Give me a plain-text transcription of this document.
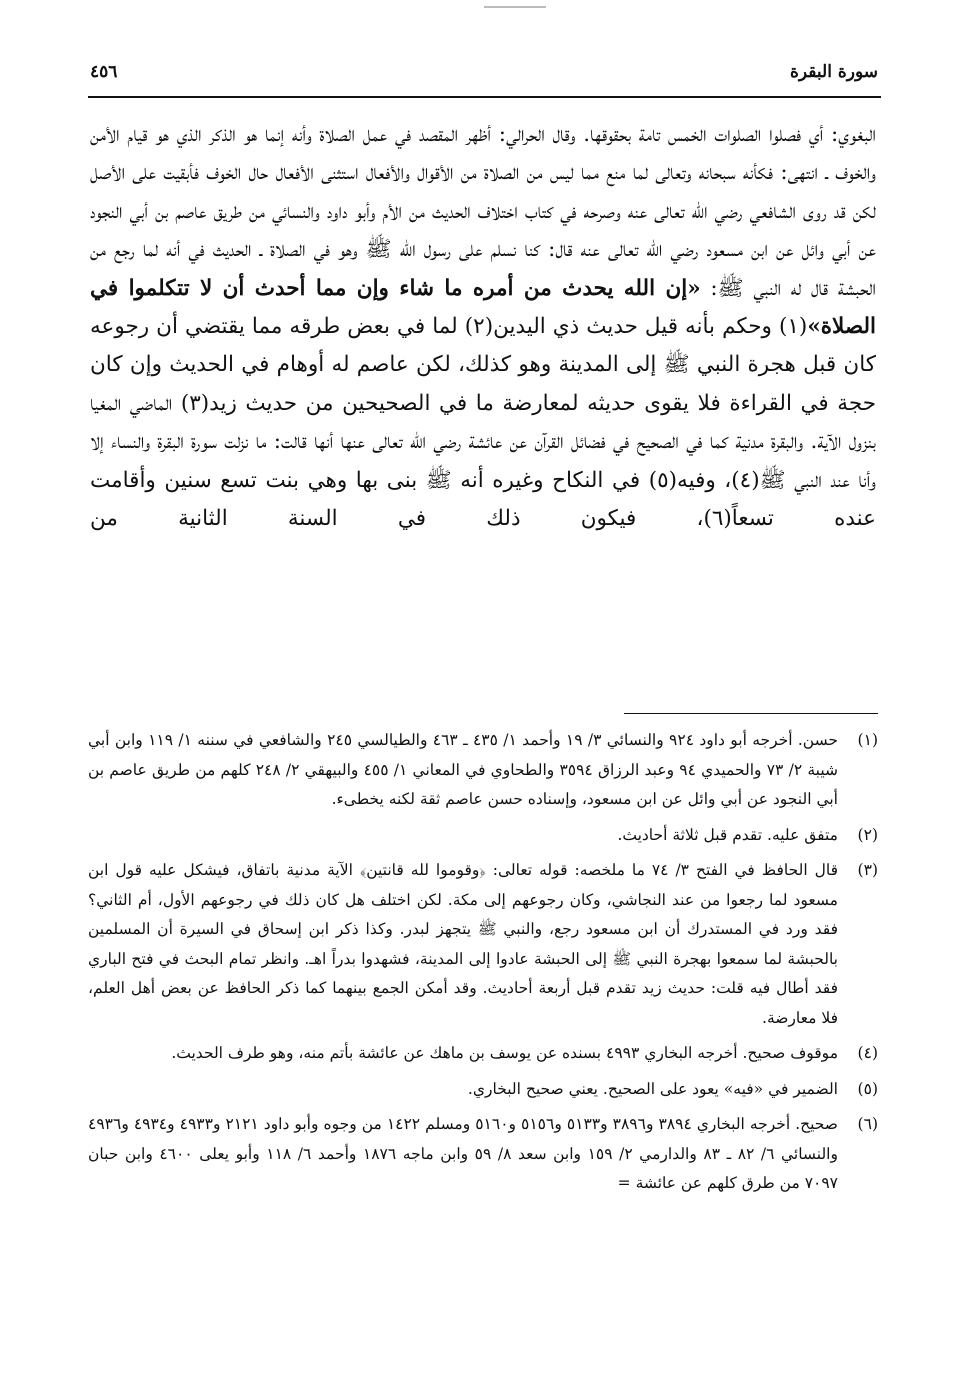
سورة البقرة
٤٥٦

البغوي: أي فصلوا الصلوات الخمس تامة بحقوقها. وقال الحرالي: أظهر المقصد في عمل الصلاة وأنه إنما هو الذكر الذي هو قيام الأمن والخوف ـ انتهى: فكأنه سبحانه وتعالى لما منع مما ليس من الصلاة من الأقوال والأفعال استثنى الأفعال حال الخوف فأبقيت على الأصل لكن قد روى الشافعي رضي الله تعالى عنه وصرحه في كتاب اختلاف الحديث من الأم وأبو داود والنسائي من طريق عاصم بن أبي النجود عن أبي وائل عن ابن مسعود رضي الله تعالى عنه قال: كنا نسلم على رسول الله ﷺ وهو في الصلاة ـ الحديث في أنه لما رجع من الحبشة قال له النبي ﷺ: «إن الله يحدث من أمره ما شاء وإن مما أحدث أن لا تتكلموا في الصلاة»(١) وحكم بأنه قيل حديث ذي اليدين(٢) لما في بعض طرقه مما يقتضي أن رجوعه كان قبل هجرة النبي ﷺ إلى المدينة وهو كذلك، لكن عاصم له أوهام في الحديث وإن كان حجة في القراءة فلا يقوى حديثه لمعارضة ما في الصحيحين من حديث زيد(٣) الماضي المغيا بنزول الآية. والبقرة مدنية كما في الصحيح في فضائل القرآن عن عائشة رضي الله تعالى عنها أنها قالت: ما نزلت سورة البقرة والنساء إلا وأنا عند النبي ﷺ(٤)، وفيه(٥) في النكاح وغيره أنه ﷺ بنى بها وهي بنت تسع سنين وأقامت عنده تسعاً(٦)، فيكون ذلك في السنة الثانية من

(١)
حسن. أخرجه أبو داود ٩٢٤ والنسائي ٣/ ١٩ وأحمد ١/ ٤٣٥ ـ ٤٦٣ والطيالسي ٢٤٥ والشافعي في سننه ١/ ١١٩ وابن أبي شيبة ٢/ ٧٣ والحميدي ٩٤ وعبد الرزاق ٣٥٩٤ والطحاوي في المعاني ١/ ٤٥٥ والبيهقي ٢/ ٢٤٨ كلهم من طريق عاصم بن أبي النجود عن أبي وائل عن ابن مسعود، وإسناده حسن عاصم ثقة لكنه يخطىء.
(٢)
متفق عليه. تقدم قبل ثلاثة أحاديث.
(٣)
قال الحافظ في الفتح ٣/ ٧٤ ما ملخصه: قوله تعالى: ﴿وقوموا لله قانتين﴾ الآية مدنية باتفاق، فيشكل عليه قول ابن مسعود لما رجعوا من عند النجاشي، وكان رجوعهم إلى مكة. لكن اختلف هل كان ذلك في رجوعهم الأول، أم الثاني؟ فقد ورد في المستدرك أن ابن مسعود رجع، والنبي ﷺ يتجهز لبدر. وكذا ذكر ابن إسحاق في السيرة أن المسلمين بالحبشة لما سمعوا بهجرة النبي ﷺ إلى الحبشة عادوا إلى المدينة، فشهدوا بدراً اهـ. وانظر تمام البحث في فتح الباري فقد أطال فيه قلت: حديث زيد تقدم قبل أربعة أحاديث. وقد أمكن الجمع بينهما كما ذكر الحافظ عن بعض أهل العلم، فلا معارضة.
(٤)
موقوف صحيح. أخرجه البخاري ٤٩٩٣ بسنده عن يوسف بن ماهك عن عائشة بأتم منه، وهو طرف الحديث.
(٥)
الضمير في «فيه» يعود على الصحيح. يعني صحيح البخاري.
(٦)
صحيح. أخرجه البخاري ٣٨٩٤ و٣٨٩٦ و٥١٣٣ و٥١٥٦ و٥١٦٠ ومسلم ١٤٢٢ من وجوه وأبو داود ٢١٢١ و٤٩٣٣ و٤٩٣٤ و٤٩٣٦ والنسائي ٦/ ٨٢ ـ ٨٣ والدارمي ٢/ ١٥٩ وابن سعد ٨/ ٥٩ وابن ماجه ١٨٧٦ وأحمد ٦/ ١١٨ وأبو يعلى ٤٦٠٠ وابن حبان ٧٠٩٧ من طرق كلهم عن عائشة =
